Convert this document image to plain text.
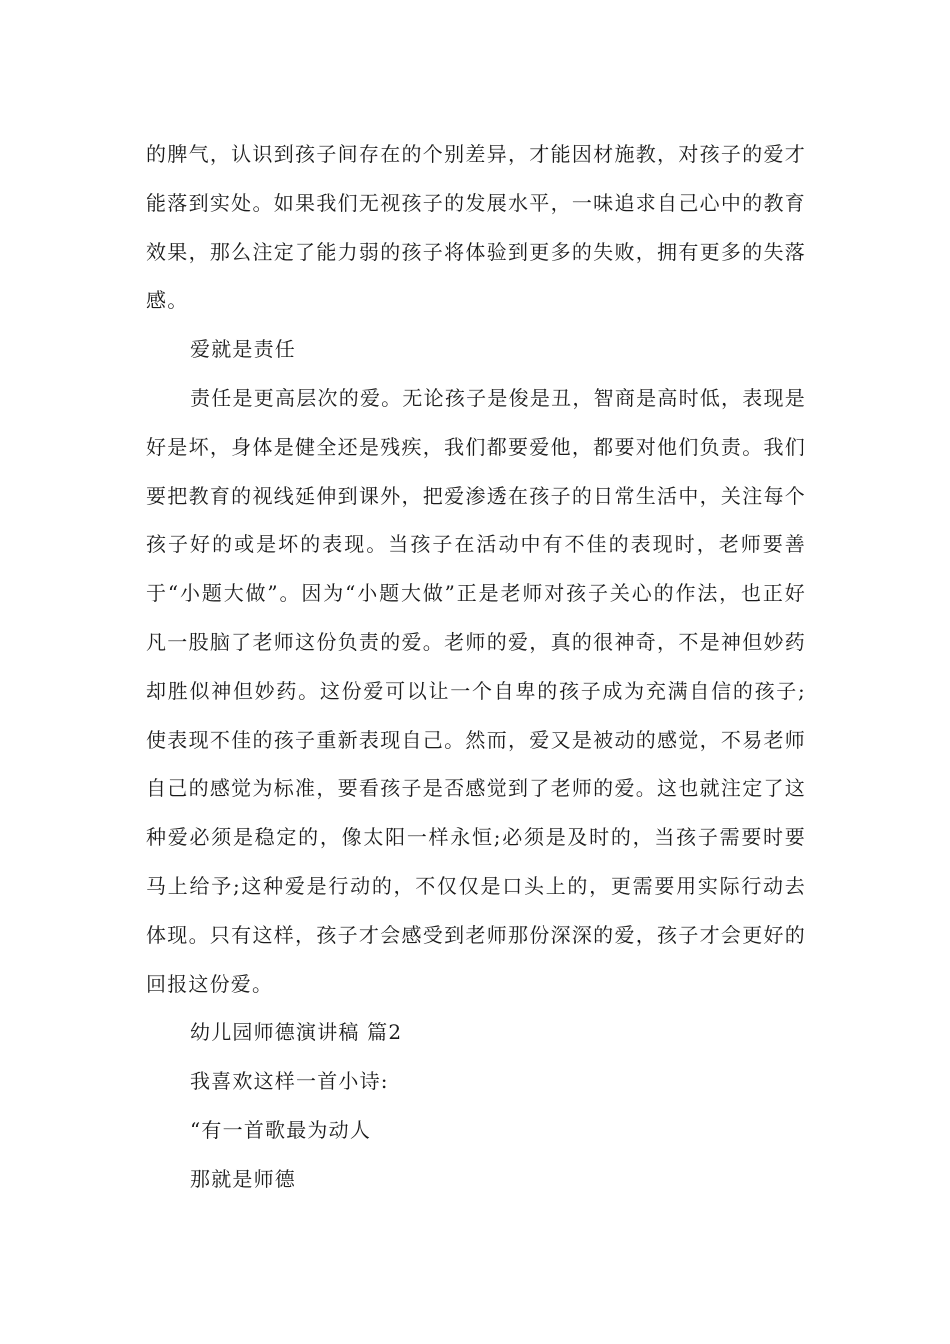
的脾气，认识到孩子间存在的个别差异，才能因材施教，对孩子的爱才能落到实处。如果我们无视孩子的发展水平，一味追求自己心中的教育效果，那么注定了能力弱的孩子将体验到更多的失败，拥有更多的失落感。

爱就是责任

责任是更高层次的爱。无论孩子是俊是丑，智商是高时低，表现是好是坏，身体是健全还是残疾，我们都要爱他，都要对他们负责。我们要把教育的视线延伸到课外，把爱渗透在孩子的日常生活中，关注每个孩子好的或是坏的表现。当孩子在活动中有不佳的表现时，老师要善于“小题大做”。因为“小题大做”正是老师对孩子关心的作法，也正好凡一股脑了老师这份负责的爱。老师的爱，真的很神奇，不是神但妙药却胜似神但妙药。这份爱可以让一个自卑的孩子成为充满自信的孩子;使表现不佳的孩子重新表现自己。然而，爱又是被动的感觉，不易老师自己的感觉为标准，要看孩子是否感觉到了老师的爱。这也就注定了这种爱必须是稳定的，像太阳一样永恒;必须是及时的，当孩子需要时要马上给予;这种爱是行动的，不仅仅是口头上的，更需要用实际行动去体现。只有这样，孩子才会感受到老师那份深深的爱，孩子才会更好的回报这份爱。

幼儿园师德演讲稿 篇2

我喜欢这样一首小诗:

“有一首歌最为动人

那就是师德
